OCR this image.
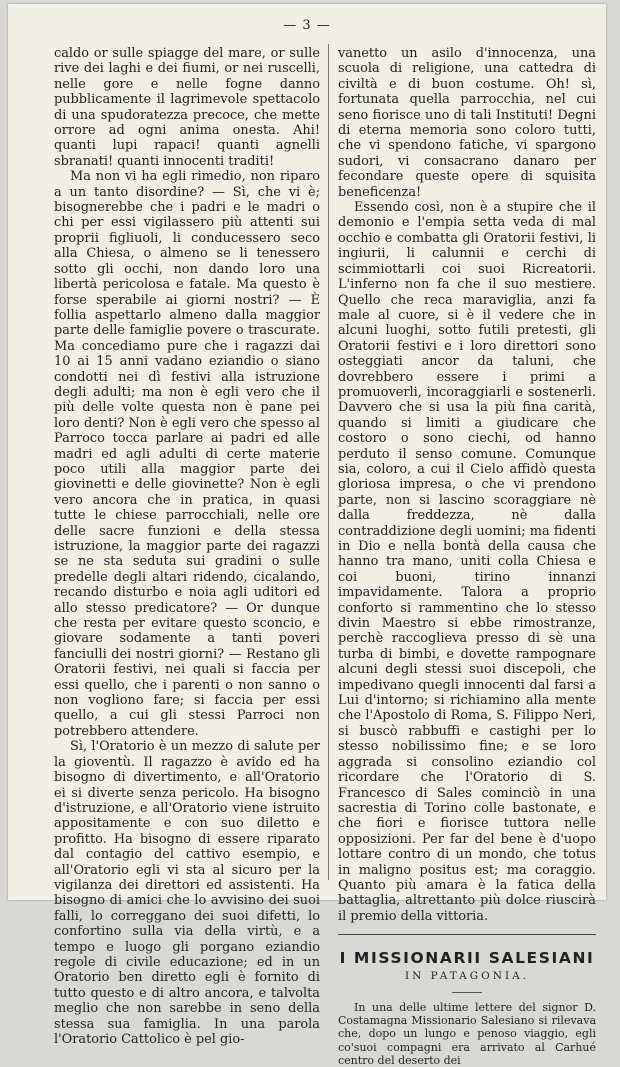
— 3 —

caldo or sulle spiagge del mare, or sulle rive dei laghi e dei fiumi, or nei ruscelli, nelle gore e nelle fogne danno pubblicamente il lagrimevole spettacolo di una spudoratezza precoce, che mette orrore ad ogni anima onesta. Ahi! quanti lupi rapaci! quanti agnelli sbranati! quanti innocenti traditi!

Ma non vi ha egli rimedio, non riparo a un tanto disordine? — Sì, che vi è; bisognerebbe che i padri e le madri o chi per essi vigilassero più attenti sui proprii figliuoli, li conducessero seco alla Chiesa, o almeno se li tenessero sotto gli occhi, non dando loro una libertà pericolosa e fatale. Ma questo è forse sperabile ai giorni nostri? — È follia aspettarlo almeno dalla maggior parte delle famiglie povere o trascurate. Ma concediamo pure che i ragazzi dai 10 ai 15 anni vadano eziandio o siano condotti nei dì festivi alla istruzione degli adulti; ma non è egli vero che il più delle volte questa non è pane pei loro denti? Non è egli vero che spesso al Parroco tocca parlare ai padri ed alle madri ed agli adulti di certe materie poco utili alla maggior parte dei giovinetti e delle giovinette? Non è egli vero ancora che in pratica, in quasi tutte le chiese parrocchiali, nelle ore delle sacre funzioni e della stessa istruzione, la maggior parte dei ragazzi se ne sta seduta sui gradini o sulle predelle degli altari ridendo, cicalando, recando disturbo e noia agli uditori ed allo stesso predicatore? — Or dunque che resta per evitare questo sconcio, e giovare sodamente a tanti poveri fanciulli dei nostri giorni? — Restano gli Oratorii festivi, nei quali si faccia per essi quello, che i parenti o non sanno o non vogliono fare; si faccia per essi quello, a cui gli stessi Parroci non potrebbero attendere.

Sì, l'Oratorio è un mezzo di salute per la gioventù. Il ragazzo è avido ed ha bisogno di divertimento, e all'Oratorio ei si diverte senza pericolo. Ha bisogno d'istruzione, e all'Oratorio viene istruito appositamente e con suo diletto e profitto. Ha bisogno di essere riparato dal contagio del cattivo esempio, e all'Oratorio egli vi sta al sicuro per la vigilanza dei direttori ed assistenti. Ha bisogno di amici che lo avvisino dei suoi falli, lo correggano dei suoi difetti, lo confortino sulla via della virtù, e a tempo e luogo gli porgano eziandio regole di civile educazione; ed in un Oratorio ben diretto egli è fornito di tutto questo e di altro ancora, e talvolta meglio che non sarebbe in seno della stessa sua famiglia. In una parola l'Oratorio Cattolico è pel gio-

vanetto un asilo d'innocenza, una scuola di religione, una cattedra di civiltà e di buon costume. Oh! sì, fortunata quella parrocchia, nel cui seno fiorisce uno di tali Instituti! Degni di eterna memoria sono coloro tutti, che vi spendono fatiche, vi spargono sudori, vi consacrano danaro per fecondare queste opere di squisita beneficenza!

Essendo così, non è a stupire che il demonio e l'empia setta veda di mal occhio e combatta gli Oratorii festivi, li ingiurii, li calunnii e cerchi di scimmiottarli coi suoi Ricreatorii. L'inferno non fa che il suo mestiere. Quello che reca maraviglia, anzi fa male al cuore, si è il vedere che in alcuni luoghi, sotto futili pretesti, gli Oratorii festivi e i loro direttori sono osteggiati ancor da taluni, che dovrebbero essere i primi a promuoverli, incoraggiarli e sostenerli. Davvero che si usa la più fina carità, quando si limiti a giudicare che costoro o sono ciechi, od hanno perduto il senso comune. Comunque sia, coloro, a cui il Cielo affidò questa gloriosa impresa, o che vi prendono parte, non si lascino scoraggiare nè dalla freddezza, nè dalla contraddizione degli uomini; ma fidenti in Dio e nella bontà della causa che hanno tra mano, uniti colla Chiesa e coi buoni, tirino innanzi impavidamente. Talora a proprio conforto si rammentino che lo stesso divin Maestro si ebbe rimostranze, perchè raccoglieva presso di sè una turba di bimbi, e dovette rampognare alcuni degli stessi suoi discepoli, che impedivano quegli innocenti dal farsi a Lui d'intorno; si richiamino alla mente che l'Apostolo di Roma, S. Filippo Neri, si buscò rabbuffi e castighi per lo stesso nobilissimo fine; e se loro aggrada si consolino eziandio col ricordare che l'Oratorio di S. Francesco di Sales cominciò in una sacrestia di Torino colle bastonate, e che fiori e fiorisce tuttora nelle opposizioni. Per far del bene è d'uopo lottare contro di un mondo, che totus in maligno positus est; ma coraggio. Quanto più amara è la fatica della battaglia, altrettanto più dolce riuscirà il premio della vittoria.

I MISSIONARII SALESIANI
IN PATAGONIA.

In una delle ultime lettere del signor D. Costamagna Missionario Salesiano si rilevava che, dopo un lungo e penoso viaggio, egli co'suoi compagni era arrivato al Carhué centro del deserto dei
